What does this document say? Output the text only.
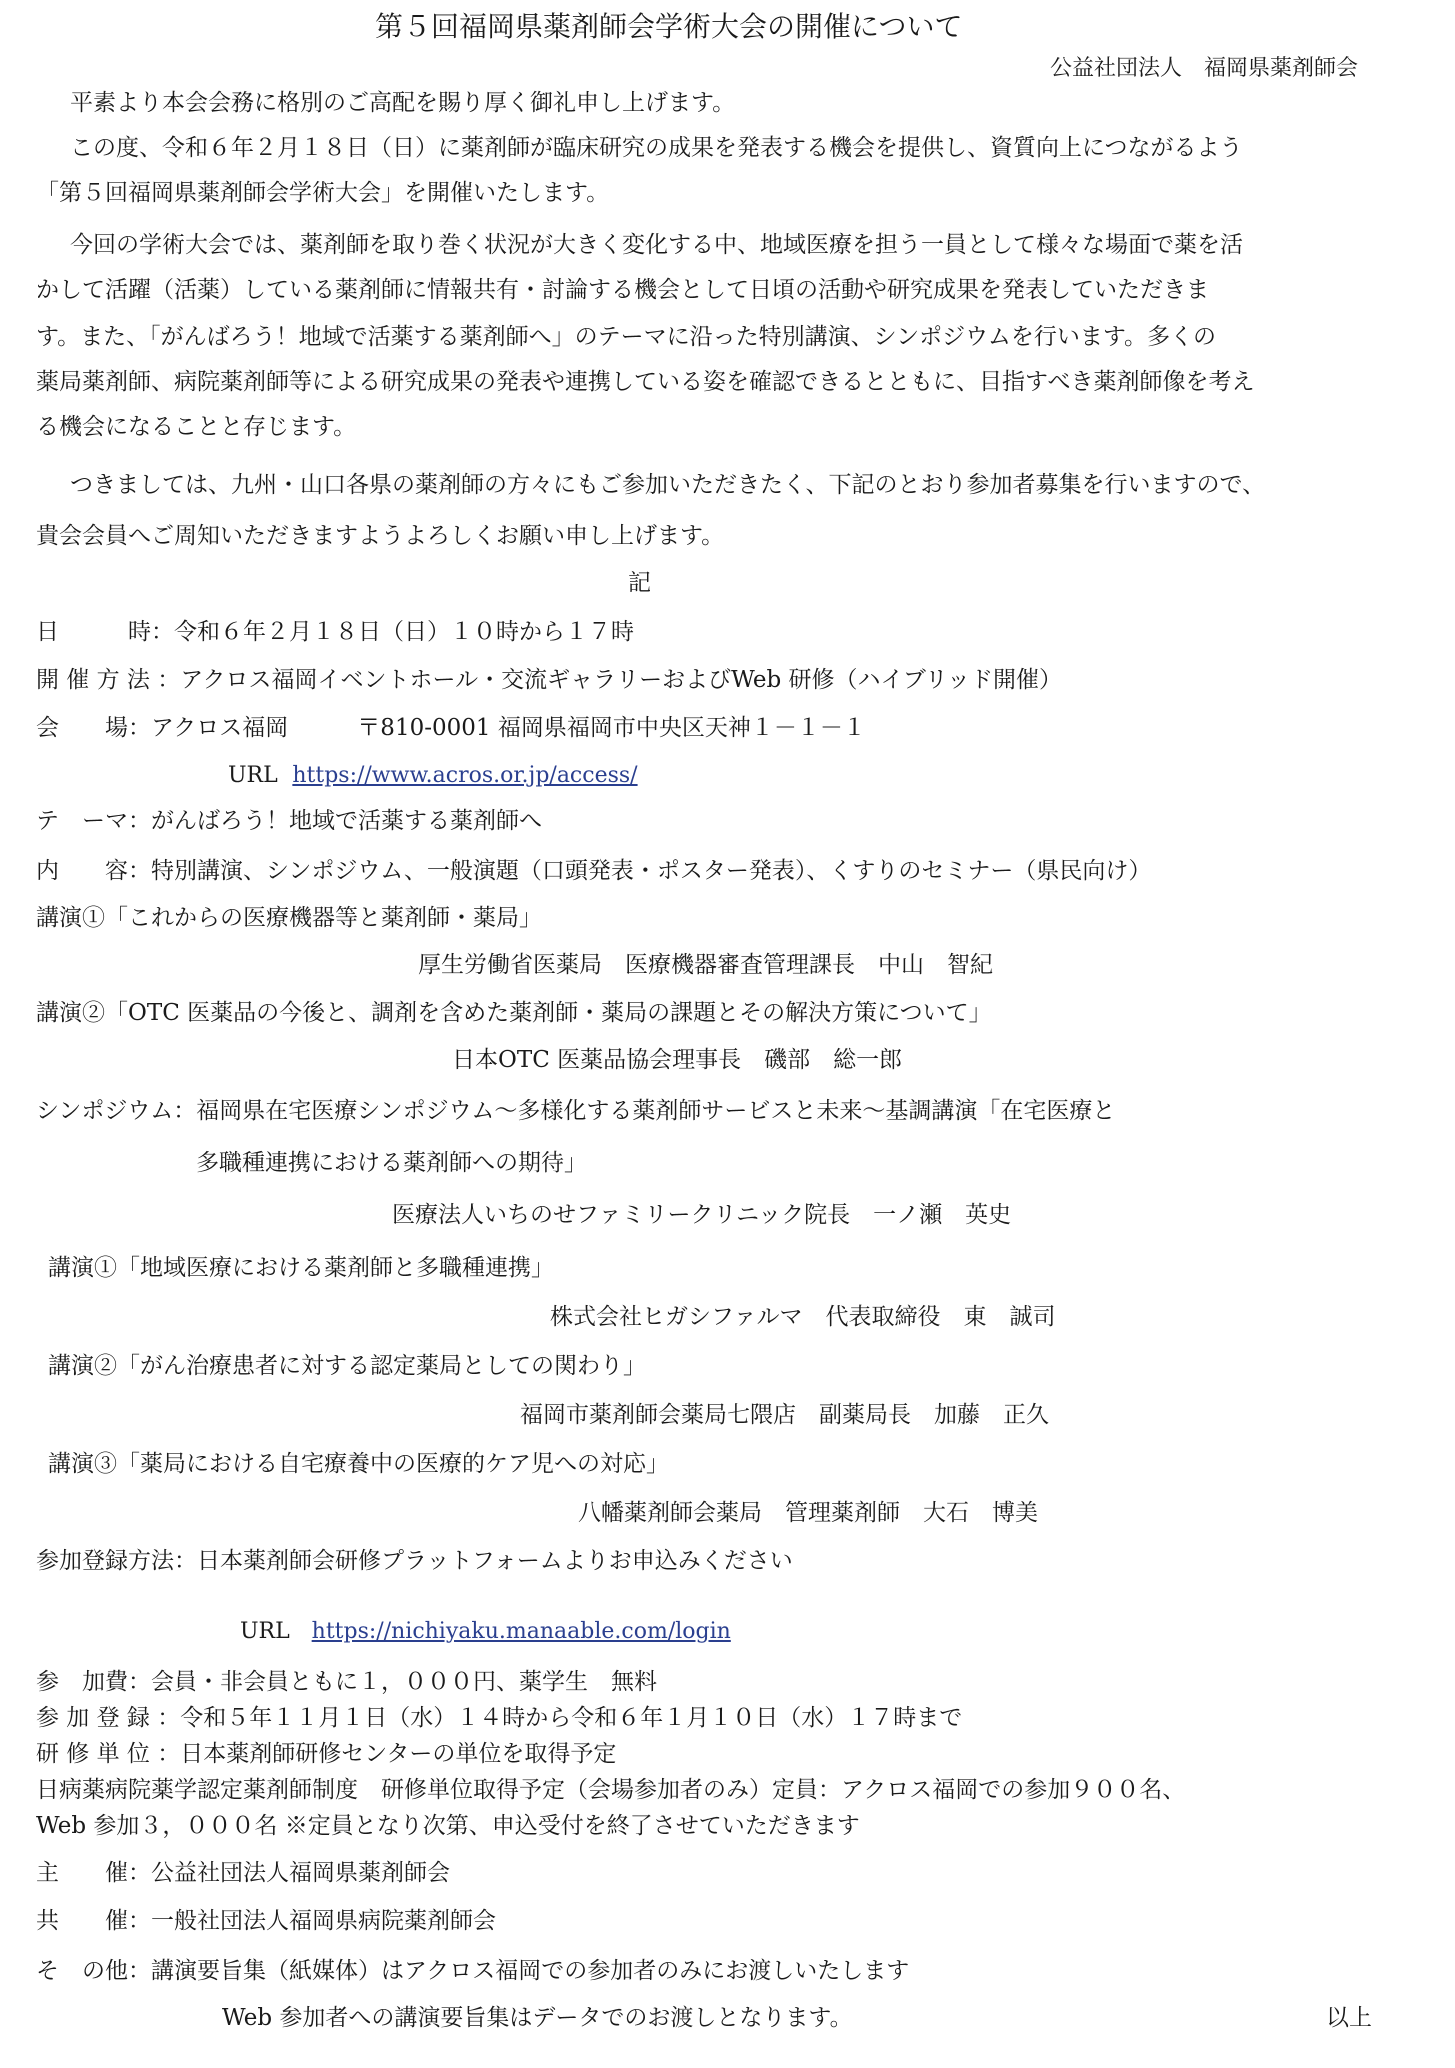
第５回福岡県薬剤師会学術大会の開催について
公益社団法人　福岡県薬剤師会
平素より本会会務に格別のご高配を賜り厚く御礼申し上げます。
この度、令和６年２月１８日（日）に薬剤師が臨床研究の成果を発表する機会を提供し、資質向上につながるよう
「第５回福岡県薬剤師会学術大会」を開催いたします。
今回の学術大会では、薬剤師を取り巻く状況が大きく変化する中、地域医療を担う一員として様々な場面で薬を活
かして活躍（活薬）している薬剤師に情報共有・討論する機会として日頃の活動や研究成果を発表していただきま
す。また、「がんばろう！地域で活薬する薬剤師へ」のテーマに沿った特別講演、シンポジウムを行います。多くの
薬局薬剤師、病院薬剤師等による研究成果の発表や連携している姿を確認できるとともに、目指すべき薬剤師像を考え
る機会になることと存じます。
つきましては、九州・山口各県の薬剤師の方々にもご参加いただきたく、下記のとおり参加者募集を行いますので、
貴会会員へご周知いただきますようよろしくお願い申し上げます。
記
日　　　時：令和６年２月１８日（日）１０時から１７時
開 催 方 法 ：アクロス福岡イベントホール・交流ギャラリーおよびWeb 研修（ハイブリッド開催）
会　　場：アクロス福岡　　　〒810-0001 福岡県福岡市中央区天神１－１－１
URL https://www.acros.or.jp/access/
テ　ーマ：がんばろう！地域で活薬する薬剤師へ
内　　容：特別講演、シンポジウム、一般演題（口頭発表・ポスター発表）、くすりのセミナー（県民向け）
講演①「これからの医療機器等と薬剤師・薬局」
厚生労働省医薬局　医療機器審査管理課長　中山　智紀
講演②「OTC 医薬品の今後と、調剤を含めた薬剤師・薬局の課題とその解決方策について」
日本OTC 医薬品協会理事長　磯部　総一郎
シンポジウム：福岡県在宅医療シンポジウム～多様化する薬剤師サービスと未来～基調講演「在宅医療と
多職種連携における薬剤師への期待」
医療法人いちのせファミリークリニック院長　一ノ瀬　英史
講演①「地域医療における薬剤師と多職種連携」
株式会社ヒガシファルマ　代表取締役　東　誠司
講演②「がん治療患者に対する認定薬局としての関わり」
福岡市薬剤師会薬局七隈店　副薬局長　加藤　正久
講演③「薬局における自宅療養中の医療的ケア児への対応」
八幡薬剤師会薬局　管理薬剤師　大石　博美
参加登録方法：日本薬剤師会研修プラットフォームよりお申込みください
URL https://nichiyaku.manaable.com/login
参　加費：会員・非会員ともに１，０００円、薬学生　無料
参 加 登 録 ：令和５年１１月１日（水）１４時から令和６年１月１０日（水）１７時まで
研 修 単 位 ：日本薬剤師研修センターの単位を取得予定
日病薬病院薬学認定薬剤師制度　研修単位取得予定（会場参加者のみ）定員：アクロス福岡での参加９００名、
Web 参加３，０００名 ※定員となり次第、申込受付を終了させていただきます
主　　催：公益社団法人福岡県薬剤師会
共　　催：一般社団法人福岡県病院薬剤師会
そ　の他：講演要旨集（紙媒体）はアクロス福岡での参加者のみにお渡しいたします
Web 参加者への講演要旨集はデータでのお渡しとなります。	以上
